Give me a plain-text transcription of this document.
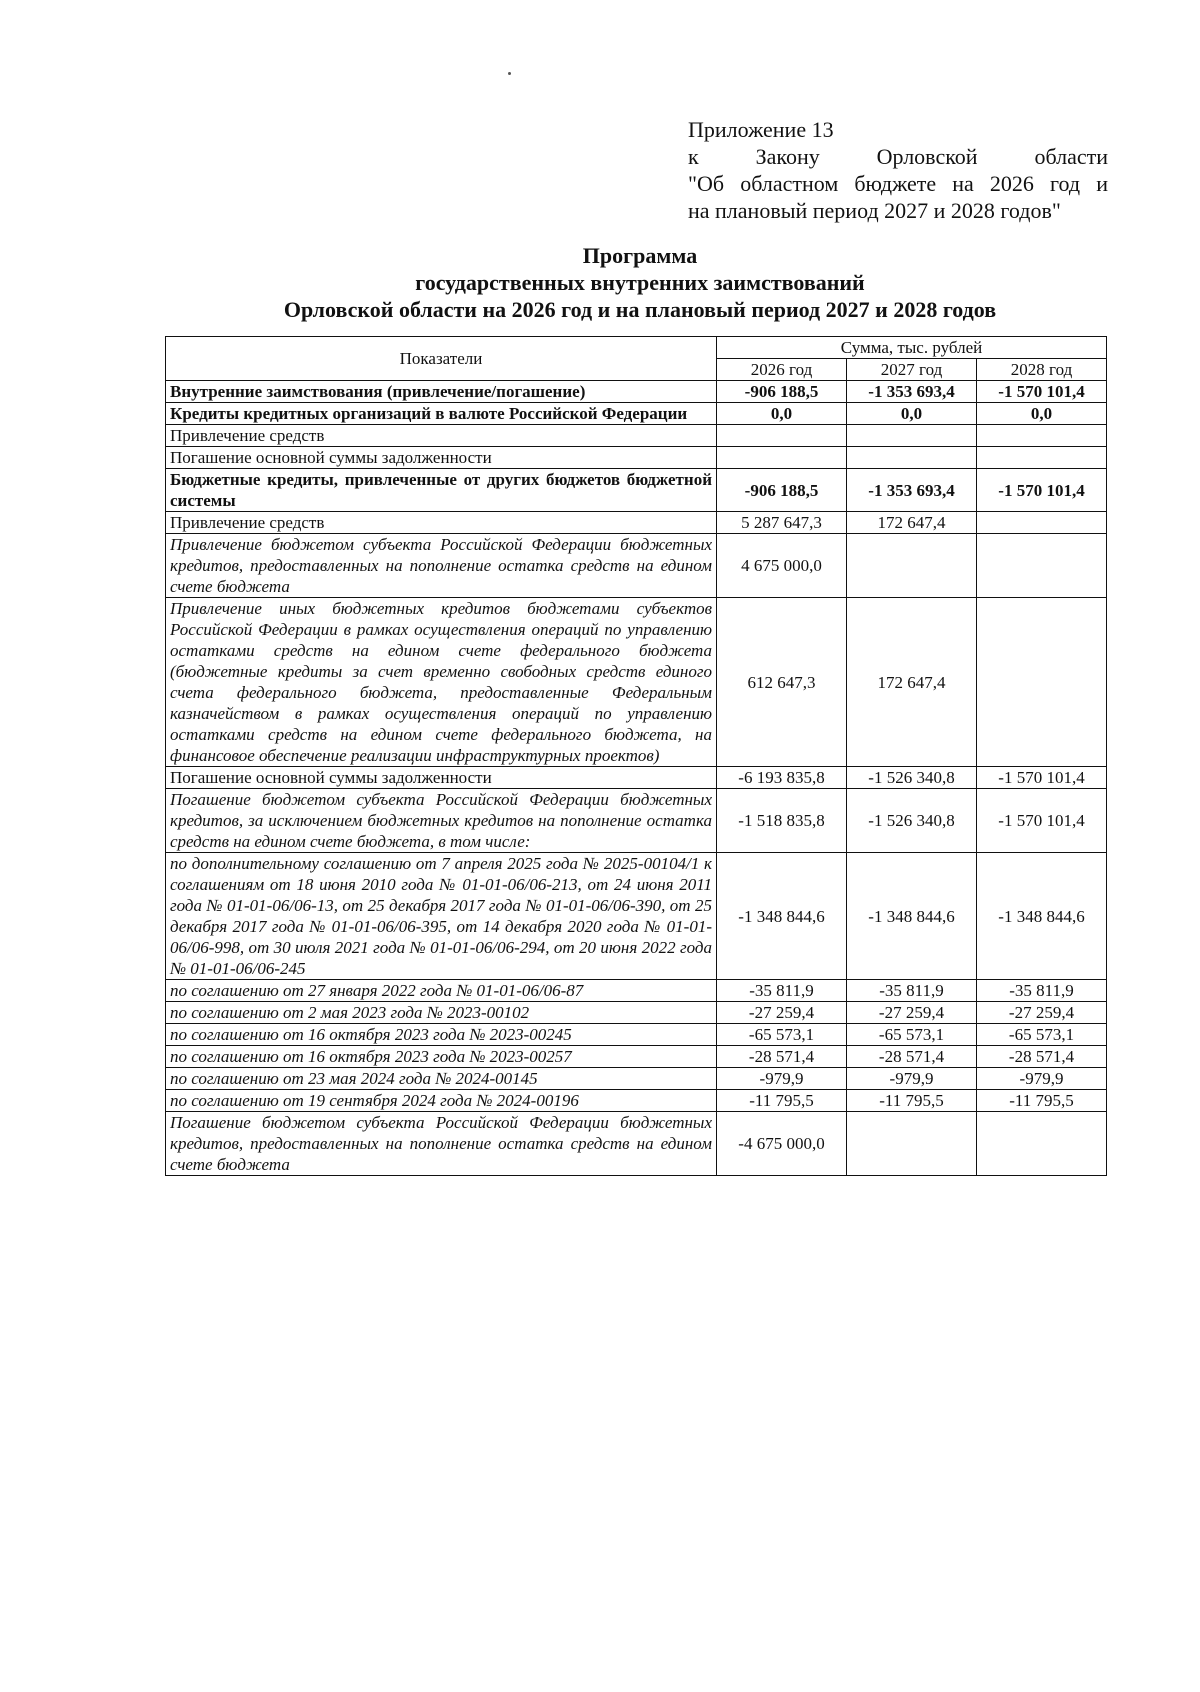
Приложение 13
к Закону Орловской области
"Об областном бюджете на 2026 год и
на плановый период 2027 и 2028 годов"
Программа
государственных внутренних заимствований
Орловской области на 2026 год и на плановый период 2027 и 2028 годов
Показатели	Сумма, тыс. рублей		
	2026 год	2027 год	2028 год
Внутренние заимствования (привлечение/погашение)	-906 188,5	-1 353 693,4	-1 570 101,4
Кредиты кредитных организаций в валюте Российской Федерации	0,0	0,0	0,0
Привлечение средств			
Погашение основной суммы задолженности			
Бюджетные кредиты, привлеченные от других бюджетов бюджетной системы	-906 188,5	-1 353 693,4	-1 570 101,4
Привлечение средств	5 287 647,3	172 647,4	
Привлечение бюджетом субъекта Российской Федерации бюджетных кредитов, предоставленных на пополнение остатка средств на едином счете бюджета	4 675 000,0		
Привлечение иных бюджетных кредитов бюджетами субъектов Российской Федерации в рамках осуществления операций по управлению остатками средств на едином счете федерального бюджета (бюджетные кредиты за счет временно свободных средств единого счета федерального бюджета, предоставленные Федеральным казначейством в рамках осуществления операций по управлению остатками средств на едином счете федерального бюджета, на финансовое обеспечение реализации инфраструктурных проектов)	612 647,3	172 647,4	
Погашение основной суммы задолженности	-6 193 835,8	-1 526 340,8	-1 570 101,4
Погашение бюджетом субъекта Российской Федерации бюджетных кредитов, за исключением бюджетных кредитов на пополнение остатка средств на едином счете бюджета, в том числе:	-1 518 835,8	-1 526 340,8	-1 570 101,4
по дополнительному соглашению от 7 апреля 2025 года № 2025-00104/1 к соглашениям от 18 июня 2010 года № 01-01-06/06-213, от 24 июня 2011 года № 01-01-06/06-13, от 25 декабря 2017 года № 01-01-06/06-390, от 25 декабря 2017 года № 01-01-06/06-395, от 14 декабря 2020 года № 01-01-06/06-998, от 30 июля 2021 года № 01-01-06/06-294, от 20 июня 2022 года № 01-01-06/06-245	-1 348 844,6	-1 348 844,6	-1 348 844,6
по соглашению от 27 января 2022 года № 01-01-06/06-87	-35 811,9	-35 811,9	-35 811,9
по соглашению от 2 мая 2023 года № 2023-00102	-27 259,4	-27 259,4	-27 259,4
по соглашению от 16 октября 2023 года № 2023-00245	-65 573,1	-65 573,1	-65 573,1
по соглашению от 16 октября 2023 года № 2023-00257	-28 571,4	-28 571,4	-28 571,4
по соглашению от 23 мая 2024 года № 2024-00145	-979,9	-979,9	-979,9
по соглашению от 19 сентября 2024 года № 2024-00196	-11 795,5	-11 795,5	-11 795,5
Погашение бюджетом субъекта Российской Федерации бюджетных кредитов, предоставленных на пополнение остатка средств на едином счете бюджета	-4 675 000,0		
